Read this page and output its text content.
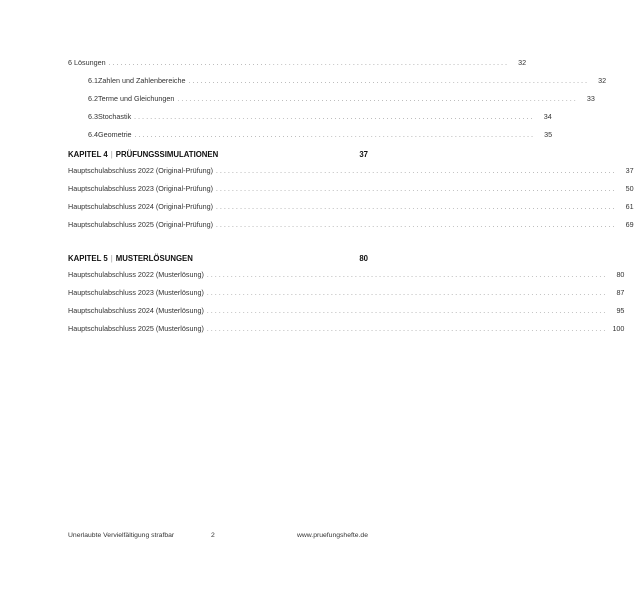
6 Lösungen ....................................................................................................	32
6.1 Zahlen und Zahlenbereiche ....................................................................................................	32
6.2 Terme und Gleichungen ....................................................................................................	33
6.3 Stochastik ....................................................................................................	34
6.4 Geometrie ....................................................................................................	35
KAPITEL 4 | PRÜFUNGSSIMULATIONEN	37
Hauptschulabschluss 2022 (Original-Prüfung) ....................................................................................................	37
Hauptschulabschluss 2023 (Original-Prüfung) ....................................................................................................	50
Hauptschulabschluss 2024 (Original-Prüfung) ....................................................................................................	61
Hauptschulabschluss 2025 (Original-Prüfung) ....................................................................................................	69
KAPITEL 5 | MUSTERLÖSUNGEN	80
Hauptschulabschluss 2022 (Musterlösung) ....................................................................................................	80
Hauptschulabschluss 2023 (Musterlösung) ....................................................................................................	87
Hauptschulabschluss 2024 (Musterlösung) ....................................................................................................	95
Hauptschulabschluss 2025 (Musterlösung) .................................................................................................... 100
Unerlaubte Vervielfältigung strafbar	2	www.pruefungshefte.de
